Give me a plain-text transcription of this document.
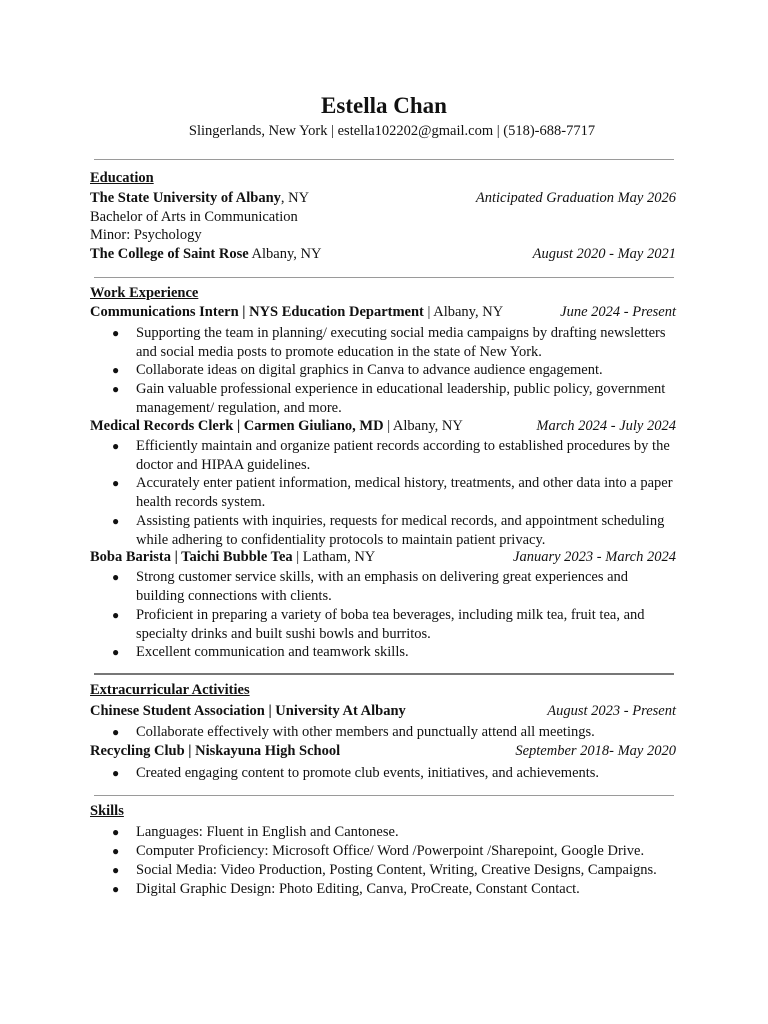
Estella Chan
Slingerlands, New York | estella102202@gmail.com | (518)-688-7717
Education
The State University of Albany, NY	Anticipated Graduation May 2026
Bachelor of Arts in Communication
Minor: Psychology
The College of Saint Rose Albany, NY	August 2020 - May 2021
Work Experience
Communications Intern | NYS Education Department | Albany, NY	June 2024 - Present
● Supporting the team in planning/ executing social media campaigns by drafting newsletters and social media posts to promote education in the state of New York.
● Collaborate ideas on digital graphics in Canva to advance audience engagement.
● Gain valuable professional experience in educational leadership, public policy, government management/ regulation, and more.
Medical Records Clerk | Carmen Giuliano, MD | Albany, NY	March 2024 - July 2024
● Efficiently maintain and organize patient records according to established procedures by the doctor and HIPAA guidelines.
● Accurately enter patient information, medical history, treatments, and other data into a paper health records system.
● Assisting patients with inquiries, requests for medical records, and appointment scheduling while adhering to confidentiality protocols to maintain patient privacy.
Boba Barista | Taichi Bubble Tea | Latham, NY	January 2023 - March 2024
● Strong customer service skills, with an emphasis on delivering great experiences and building connections with clients.
● Proficient in preparing a variety of boba tea beverages, including milk tea, fruit tea, and specialty drinks and built sushi bowls and burritos.
● Excellent communication and teamwork skills.
Extracurricular Activities
Chinese Student Association | University At Albany	August 2023 - Present
● Collaborate effectively with other members and punctually attend all meetings.
Recycling Club | Niskayuna High School	September 2018- May 2020
● Created engaging content to promote club events, initiatives, and achievements.
Skills
● Languages: Fluent in English and Cantonese.
● Computer Proficiency: Microsoft Office/ Word /Powerpoint /Sharepoint, Google Drive.
● Social Media: Video Production, Posting Content, Writing, Creative Designs, Campaigns.
● Digital Graphic Design: Photo Editing, Canva, ProCreate, Constant Contact.
